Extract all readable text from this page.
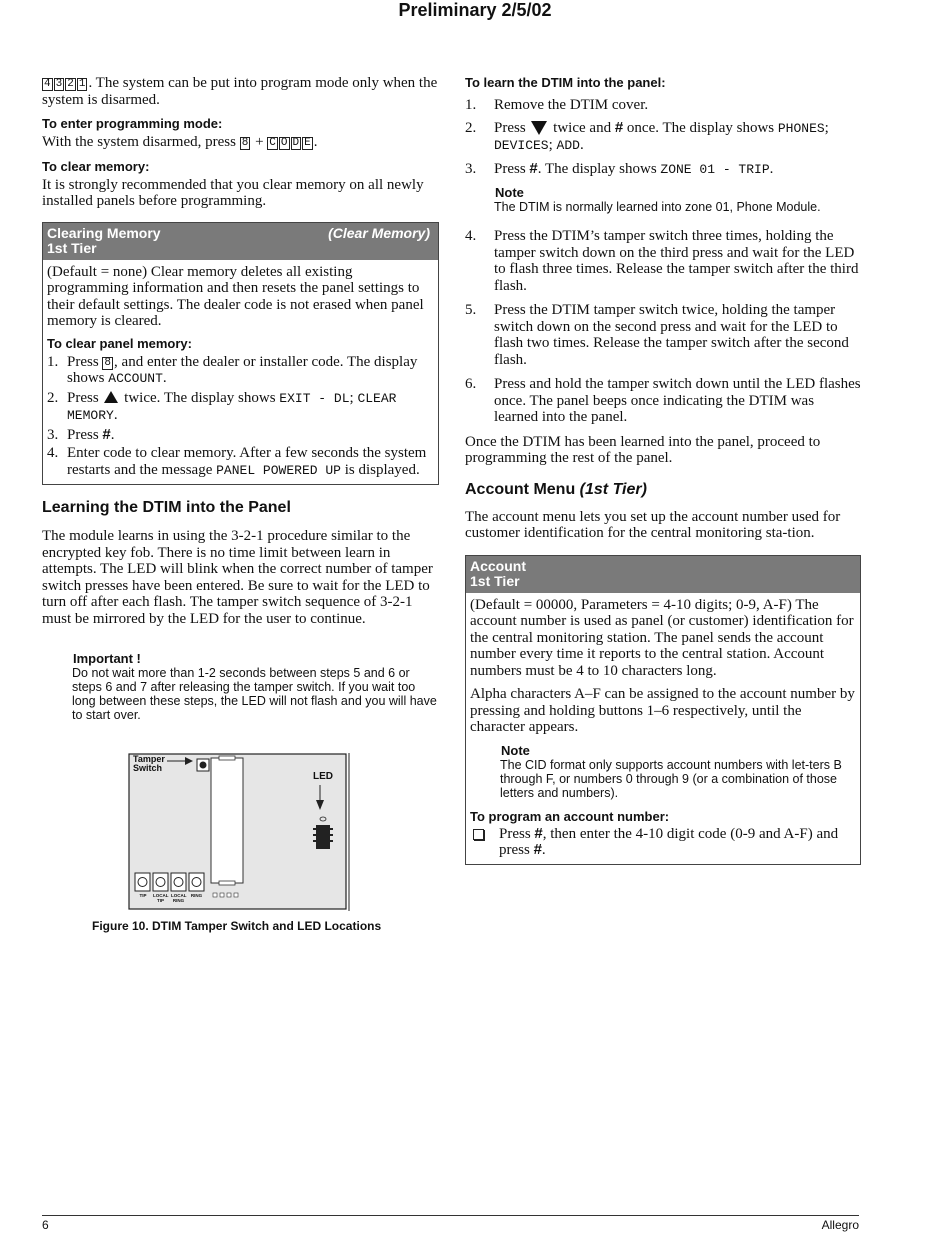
Preliminary 2/5/02

4 3 2 1 . The system can be put into program mode only when the system is disarmed.

To enter programming mode:

With the system disarmed, press 8 + C O D E .

To clear memory:

It is strongly recommended that you clear memory on all newly installed panels before programming.

Clearing Memory
1st Tier
(Clear Memory)

(Default = none) Clear memory deletes all existing programming information and then resets the panel settings to their default settings. The dealer code is not erased when panel memory is cleared.

To clear panel memory:
1. Press 8 , and enter the dealer or installer code. The display shows ACCOUNT.
2. Press twice. The display shows EXIT - DL; CLEAR MEMORY.
3. Press #.
4. Enter code to clear memory. After a few seconds the system restarts and the message PANEL POWERED UP is displayed.
Learning the DTIM into the Panel

The module learns in using the 3-2-1 procedure similar to the encrypted key fob. There is no time limit between learn in attempts. The LED will blink when the correct number of tamper switch presses have been entered. Be sure to wait for the LED to turn off after each flash. The tamper switch sequence of 3-2-1 must be mirrored by the LED for the user to continue.

Important !
Do not wait more than 1-2 seconds between steps 5 and 6 or steps 6 and 7 after releasing the tamper switch. If you wait too long between these steps, the LED will not flash and you will have to start over.
Tamper
Switch
LED
TIP	LOCAL TIP
LOCAL RING
RING
Figure 10. DTIM Tamper Switch and LED Locations
To learn the DTIM into the panel:
1. Remove the DTIM cover.
2. Press twice and # once. The display shows PHONES; DEVICES; ADD.
3. Press #. The display shows ZONE 01 - TRIP.
Note
The DTIM is normally learned into zone 01, Phone Module.
4. Press the DTIM’s tamper switch three times, holding the tamper switch down on the third press and wait for the LED to flash three times. Release the tamper switch after the third flash.
5. Press the DTIM tamper switch twice, holding the tamper switch down on the second press and wait for the LED to flash two times. Release the tamper switch after the second flash.
6. Press and hold the tamper switch down until the LED flashes once. The panel beeps once indicating the DTIM was learned into the panel.

Once the DTIM has been learned into the panel, proceed to programming the rest of the panel.

Account Menu (1st Tier)

The account menu lets you set up the account number used for customer identification for the central monitoring sta-tion.

Account
1st Tier

(Default = 00000, Parameters = 4-10 digits; 0-9, A-F) The account number is used as panel (or customer) identification for the central monitoring station. The panel sends the account number every time it reports to the central station. Account numbers must be 4 to 10 characters long.

Alpha characters A–F can be assigned to the account number by pressing and holding buttons 1–6 respectively, until the character appears.

Note
The CID format only supports account numbers with let-ters B through F, or numbers 0 through 9 (or a combination of those letters and numbers).
To program an account number:
Press #, then enter the 4-10 digit code (0-9 and A-F) and press #.
6	Allegro
